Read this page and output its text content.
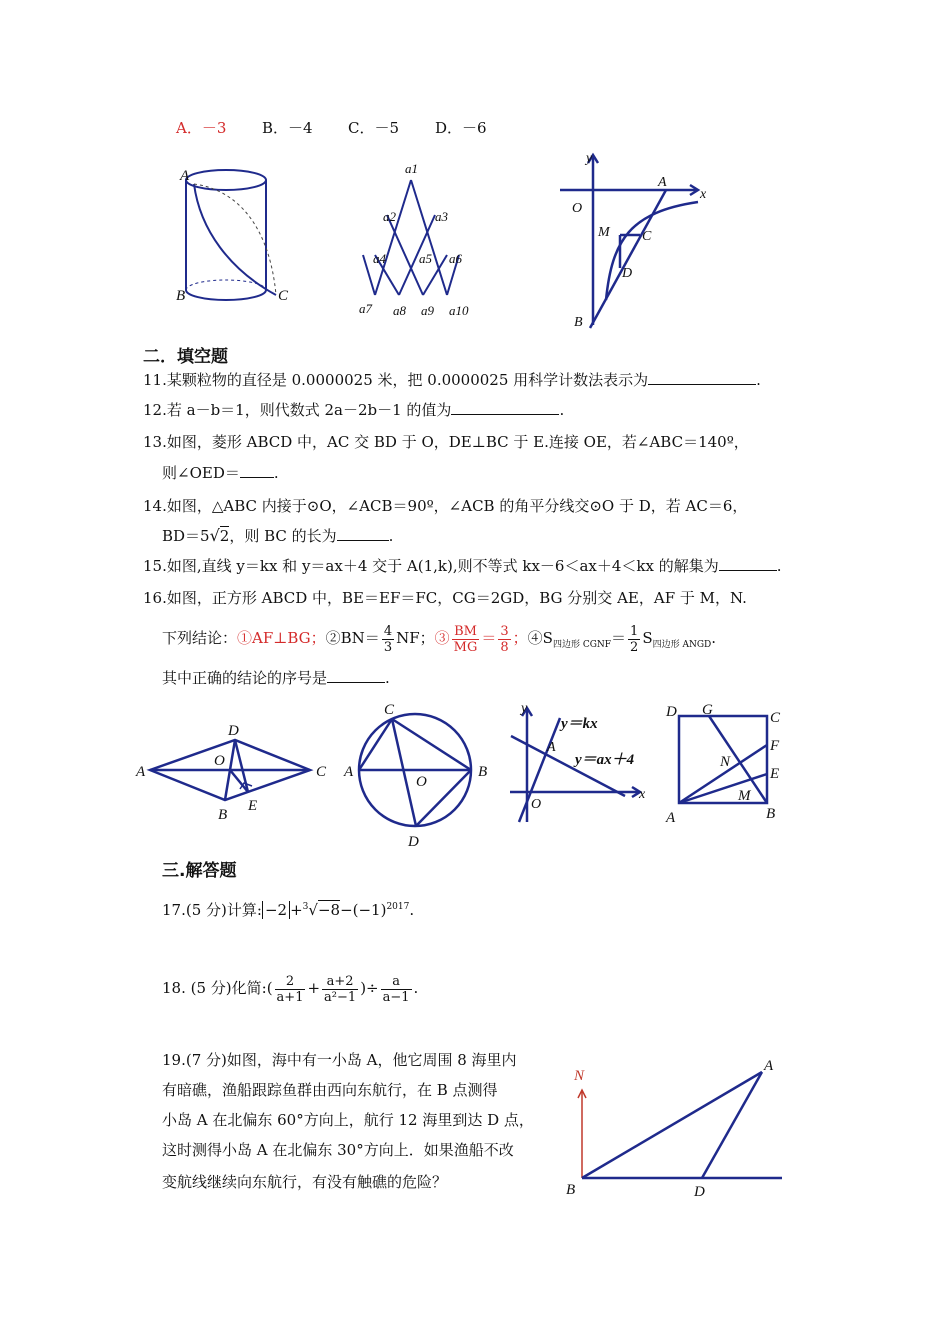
A．－3 B．－4 C．－5 D．－6
A
B	C
a1
a2	a3
a4	a5 a6
a7 a8 a9 a10
y
x
O
A
M C
D
B
二．填空题
11.某颗粒物的直径是 0.0000025 米，把 0.0000025 用科学计数法表示为	.
12.若 a－b＝1，则代数式 2a－2b－1 的值为	.
13.如图，菱形 ABCD 中，AC 交 BD 于 O，DE⊥BC 于 E.连接 OE，若∠ABC＝140º，
则∠OED＝ .
14.如图，△ABC 内接于⊙O，∠ACB＝90º，∠ACB 的角平分线交⊙O 于 D，若 AC＝6，
BD＝5√2，则 BC 的长为	.
15.如图,直线 y＝kx 和 y＝ax＋4 交于 A(1,k),则不等式 kx－6＜ax＋4＜kx 的解集为	.
16.如图，正方形 ABCD 中，BE＝EF＝FC，CG＝2GD，BG 分别交 AE，AF 于 M，N.
下列结论：①AF⊥BG；②BN＝ $\frac{4}{3}$ NF；③ $\frac{BM}{MG} = \frac{3}{8}$ ；$④S_{四边形 CGNF}= \frac{1}{2} S_{四边形 ANGD}$.
其中正确的结论的序号是	.
D
O
A	C
B
E
C
A
O
B
D
y
y＝kx
A
y＝ax＋4
O
x
D G	C
F
N
E
M
A	B
三.解答题
17.(5 分)计算: $-2 +^3√-8-(-1)^{2017}$.
18. (5 分)化简:( $\frac{2}{a+1} + \frac{a+2}{\text{a²−1}}$ )÷ $\frac{a}{a-1}$ .
19.(7 分)如图，海中有一小岛 A，他它周围 8 海里内
有暗礁，渔船跟踪鱼群由西向东航行，在 B 点测得
小岛 A 在北偏东 60°方向上，航行 12 海里到达 D 点，
这时测得小岛 A 在北偏东 30°方向上．如果渔船不改
变航线继续向东航行，有没有触礁的危险？
N
A
B	D
